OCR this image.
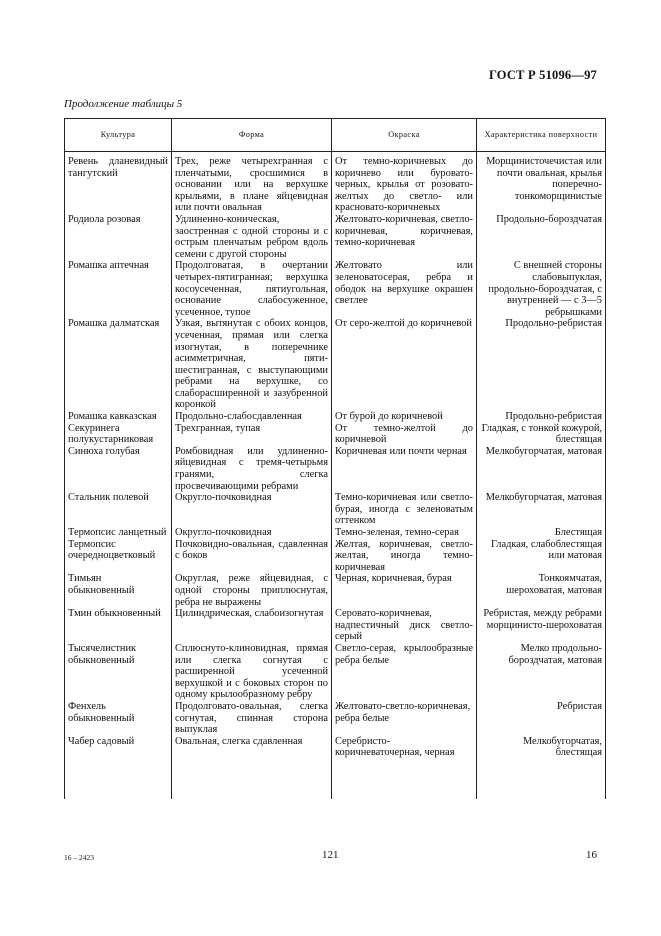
ГОСТ Р 51096—97
Продолжение таблицы 5
Культура	Форма	Окраска	Характеристика поверхности
Ревень дланевидный тангутский	Трех, реже четырехгранная с пленчатыми, сросшимися в основании или на верхушке крыльями, в плане яйцевидная или почти овальная	От темно-коричневых до коричнево или буровато-черных, крылья от розовато-желтых до светло- или красновато-коричневых	Морщинисточечистая или почти овальная, крылья поперечно-тонкоморщинистые
Родиола розовая	Удлиненно-коническая, заостренная с одной стороны и с острым пленчатым ребром вдоль семени с другой стороны	Желтовато-коричневая, светло-коричневая, коричневая, темно-коричневая	Продольно-бороздчатая
Ромашка аптечная	Продолговатая, в очертании четырех-пятигранная; верхушка косоусеченная, пятиугольная, основание слабосуженное, усеченное, тупое	Желтовато или зеленоватосерая, ребра и ободок на верхушке окрашен светлее	С внешней стороны слабовыпуклая, продольно-бороздчатая, с внутренней — с 3—5 ребрышками
Ромашка далматская	Узкая, вытянутая с обоих концов, усеченная, прямая или слегка изогнутая, в поперечнике асимметричная, пяти-шестигранная, с выступающими ребрами на верхушке, со слаборасширенной и зазубренной коронкой	От серо-желтой до коричневой	Продольно-ребристая
Ромашка кавказская	Продольно-слабосдавленная	От бурой до коричневой	Продольно-ребристая
Секуринега полукустарниковая	Трехгранная, тупая	От темно-желтой до коричневой	Гладкая, с тонкой кожурой, блестящая
Синюха голубая	Ромбовидная или удлиненно-яйцевидная с тремя-четырьмя гранями, слегка просвечивающими ребрами	Коричневая или почти черная	Мелкобугорчатая, матовая
Стальник полевой	Округло-почковидная	Темно-коричневая или светло-бурая, иногда с зеленоватым оттенком	Мелкобугорчатая, матовая
Термопсис ланцетный	Округло-почковидная	Темно-зеленая, темно-серая	Блестящая
Термопсис очередноцветковый	Почковидно-овальная, сдавленная с боков	Желтая, коричневая, светло-желтая, иногда темно-коричневая	Гладкая, слабоблестящая или матовая
Тимьян обыкновенный	Округлая, реже яйцевидная, с одной стороны приплюснутая, ребра не выражены	Черная, коричневая, бурая	Тонкоямчатая, шероховатая, матовая
Тмин обыкновенный	Цилиндрическая, слабоизогнутая	Серовато-коричневая, надпестичный диск светло-серый	Ребристая, между ребрами морщинисто-шероховатая
Тысячелистник обыкновенный	Сплюснуто-клиновидная, прямая или слегка согнутая с расширенной усеченной верхушкой и с боковых сторон по одному крылообразному ребру	Светло-серая, крылообразные ребра белые	Мелко продольно-бороздчатая, матовая
Фенхель обыкновенный	Продолговато-овальная, слегка согнутая, спинная сторона выпуклая	Желтовато-светло-коричневая, ребра белые	Ребристая
Чабер садовый	Овальная, слегка сдавленная	Серебристо-коричневаточерная, черная	Мелкобугорчатая, блестящая

16 – 2423	121	16
